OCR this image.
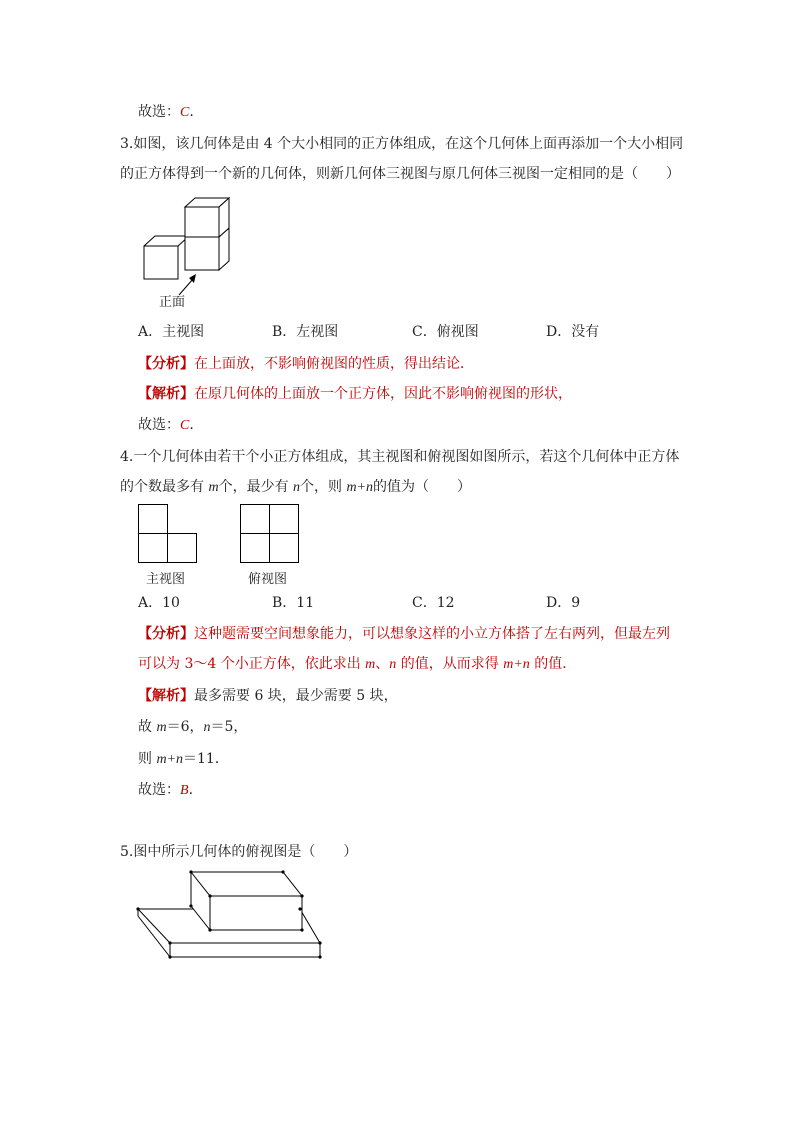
故选：C.
3.如图，该几何体是由 4 个大小相同的正方体组成，在这个几何体上面再添加一个大小相同
的正方体得到一个新的几何体，则新几何体三视图与原几何体三视图一定相同的是（　　）
正面
A．主视图	B．左视图	C．俯视图	D．没有
【分析】在上面放，不影响俯视图的性质，得出结论．
【解析】在原几何体的上面放一个正方体，因此不影响俯视图的形状，
故选：C.
4.一个几何体由若干个小正方体组成，其主视图和俯视图如图所示，若这个几何体中正方体
的个数最多有 m个，最少有 n个，则 m+n的值为（　　）
主视图	俯视图
A．10	B．11	C．12	D．9
【分析】这种题需要空间想象能力，可以想象这样的小立方体搭了左右两列，但最左列
可以为 3～4 个小正方体，依此求出 m、n 的值，从而求得 m+n 的值．
【解析】最多需要 6 块，最少需要 5 块，
故 m＝6，n＝5，
则 m+n＝11．
故选：B.
5.图中所示几何体的俯视图是（　　）
